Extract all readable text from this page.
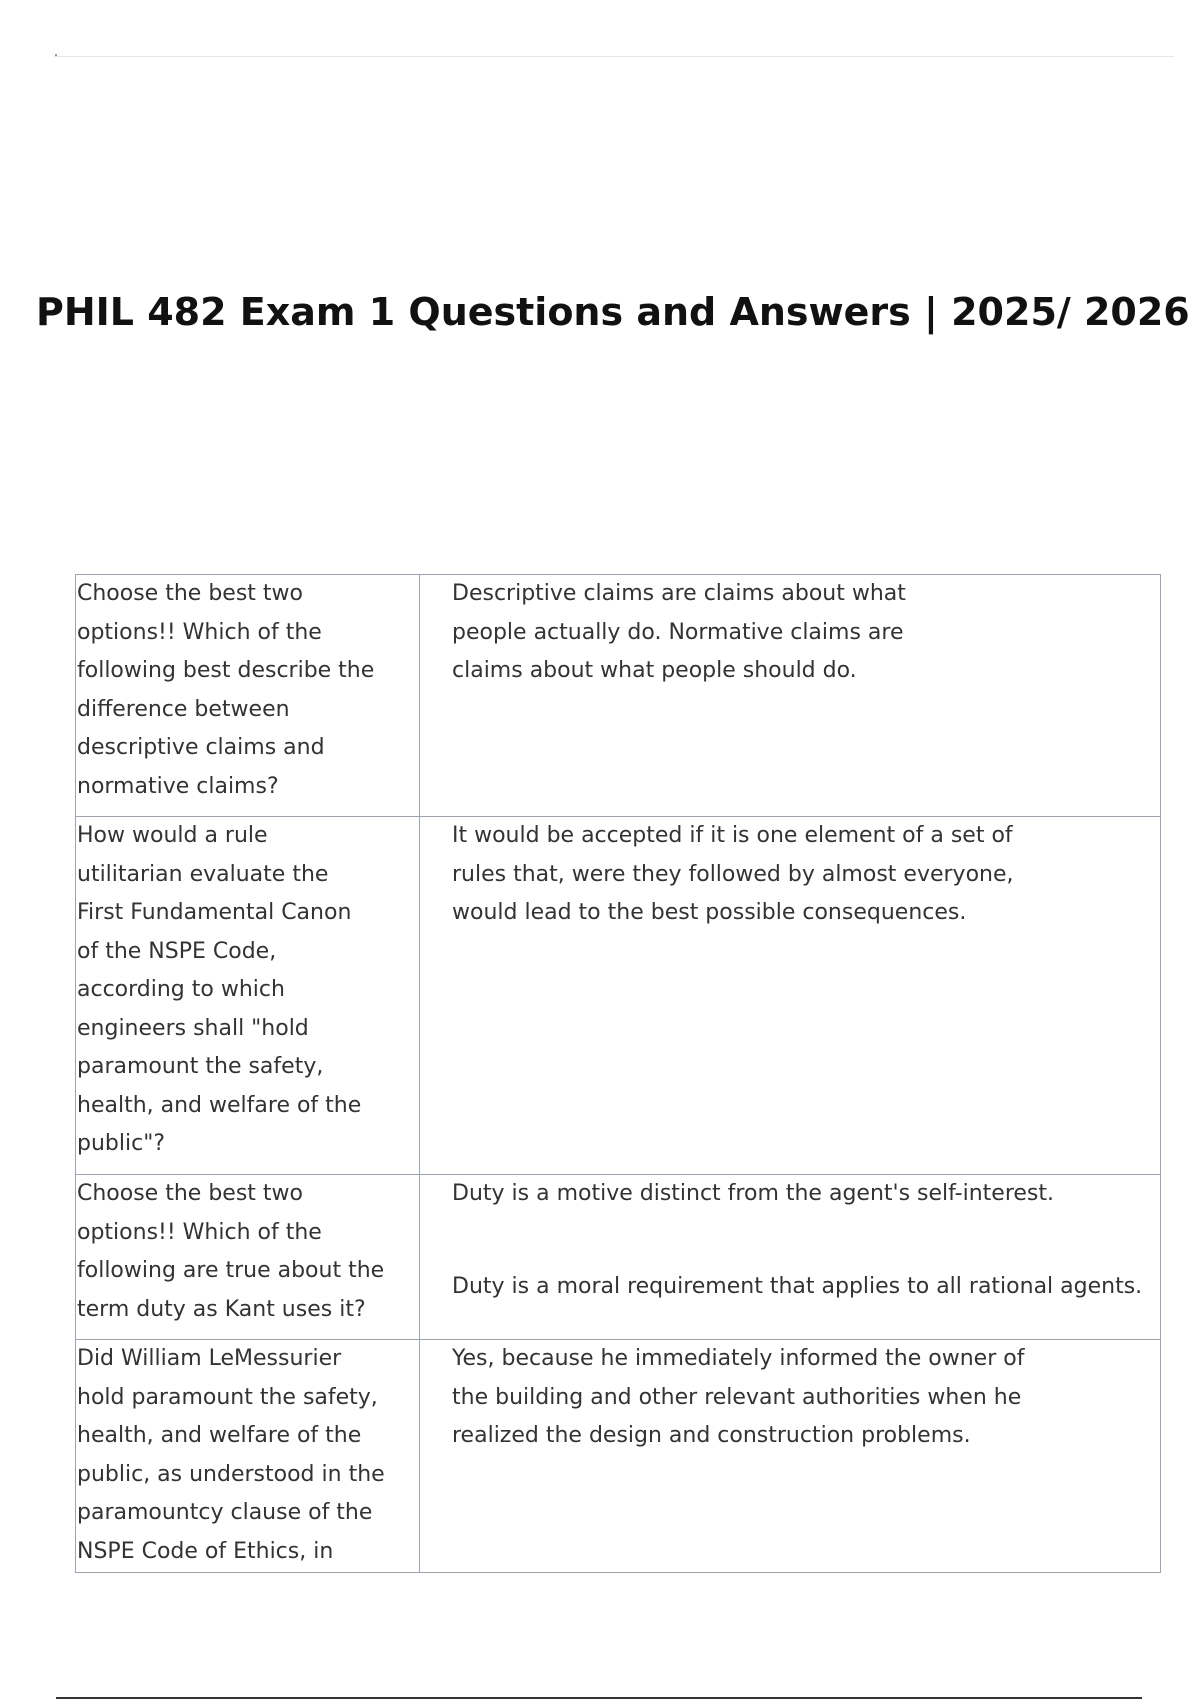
PHIL 482 Exam 1 Questions and Answers | 2025/ 2026
Choose the best two options!! Which of the following best describe the difference between descriptive claims and normative claims?	Descriptive claims are claims about what people actually do. Normative claims are claims about what people should do.

How would a rule utilitarian evaluate the First Fundamental Canon of the NSPE Code, according to which engineers shall "hold paramount the safety, health, and welfare of the public"?	It would be accepted if it is one element of a set of rules that, were they followed by almost everyone, would lead to the best possible consequences.

Choose the best two options!! Which of the following are true about the term duty as Kant uses it?	Duty is a motive distinct from the agent's self-interest.
Duty is a moral requirement that applies to all rational agents.

Did William LeMessurier hold paramount the safety, health, and welfare of the public, as understood in the paramountcy clause of the NSPE Code of Ethics, in	Yes, because he immediately informed the owner of the building and other relevant authorities when he realized the design and construction problems.
